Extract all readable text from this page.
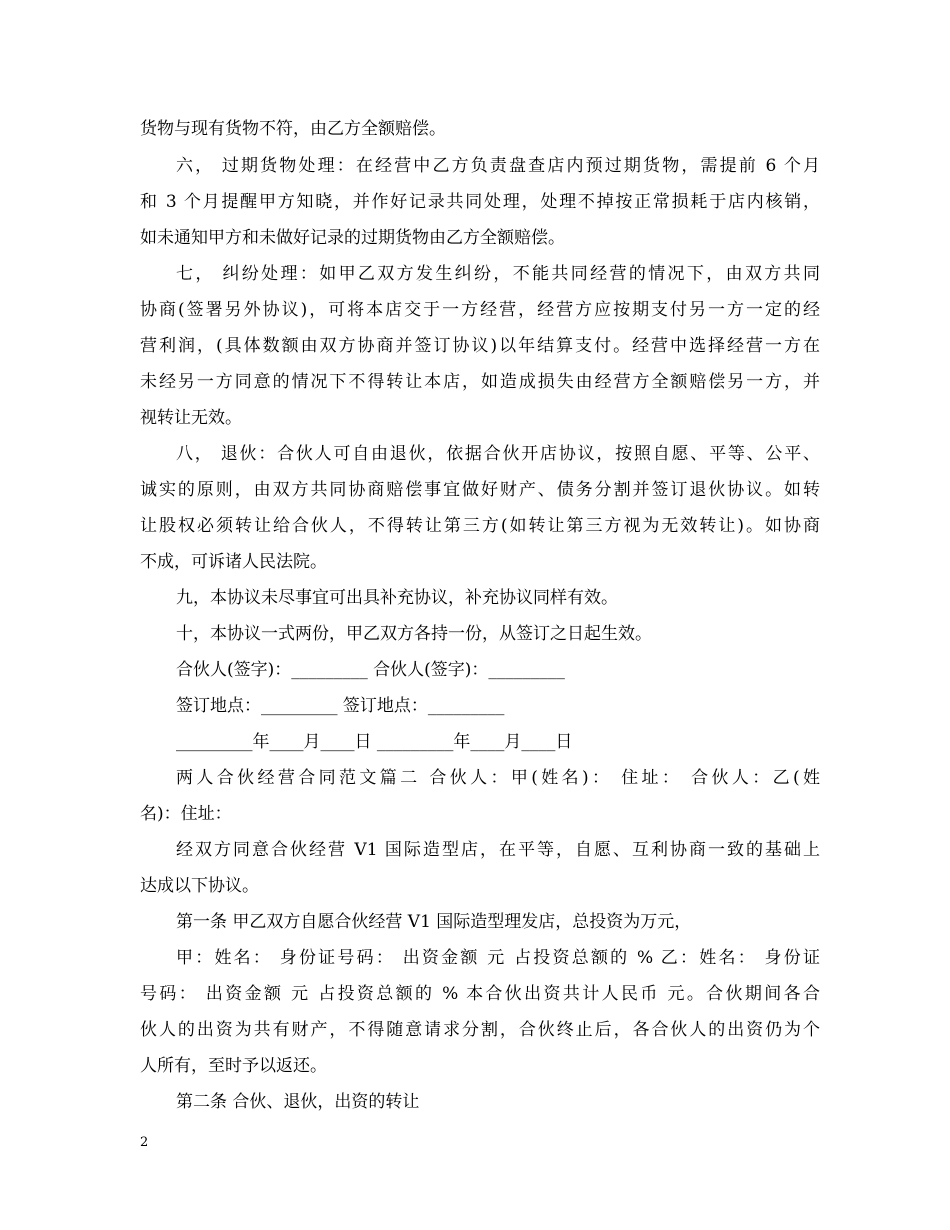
货物与现有货物不符，由乙方全额赔偿。
六， 过期货物处理：在经营中乙方负责盘查店内预过期货物，需提前 6 个月
和 3 个月提醒甲方知晓，并作好记录共同处理，处理不掉按正常损耗于店内核销，
如未通知甲方和未做好记录的过期货物由乙方全额赔偿。
七， 纠纷处理：如甲乙双方发生纠纷，不能共同经营的情况下，由双方共同
协商(签署另外协议)，可将本店交于一方经营，经营方应按期支付另一方一定的经
营利润，(具体数额由双方协商并签订协议)以年结算支付。经营中选择经营一方在
未经另一方同意的情况下不得转让本店，如造成损失由经营方全额赔偿另一方，并
视转让无效。
八， 退伙：合伙人可自由退伙，依据合伙开店协议，按照自愿、平等、公平、
诚实的原则，由双方共同协商赔偿事宜做好财产、债务分割并签订退伙协议。如转
让股权必须转让给合伙人，不得转让第三方(如转让第三方视为无效转让)。如协商
不成，可诉诸人民法院。
九，本协议未尽事宜可出具补充协议，补充协议同样有效。
十，本协议一式两份，甲乙双方各持一份，从签订之日起生效。
合伙人(签字)：_________ 合伙人(签字)：_________
签订地点：_________ 签订地点：_________
_________年____月____日 _________年____月____日
两人合伙经营合同范文篇二 合伙人：甲(姓名)： 住址： 合伙人：乙(姓
名)：住址：
经双方同意合伙经营 V1 国际造型店，在平等，自愿、互利协商一致的基础上
达成以下协议。
第一条 甲乙双方自愿合伙经营 V1 国际造型理发店，总投资为万元，
甲：姓名： 身份证号码： 出资金额 元 占投资总额的 % 乙：姓名： 身份证
号码： 出资金额 元 占投资总额的 % 本合伙出资共计人民币 元。合伙期间各合
伙人的出资为共有财产，不得随意请求分割，合伙终止后，各合伙人的出资仍为个
人所有，至时予以返还。
第二条 合伙、退伙，出资的转让
2
